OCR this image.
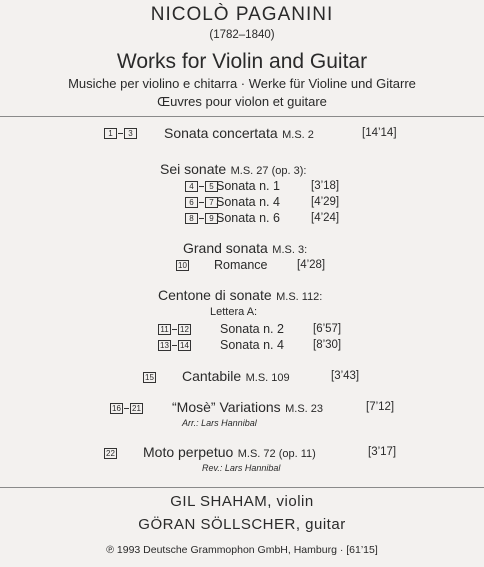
NICOLÒ PAGANINI
(1782–1840)
Works for Violin and Guitar
Musiche per violino e chitarra · Werke für Violine und Gitarre
Œuvres pour violon et guitare
1	3	Sonata concertata M.S. 2	[14’14]
Sei sonate M.S. 27 (op. 3):
4	5 Sonata n. 1	[3’18]
6	7 Sonata n. 4	[4’29]
8	9 Sonata n. 6	[4’24]
Grand sonata M.S. 3:
10 Romance	[4’28]
Centone di sonate M.S. 112:
Lettera A:
11 12 Sonata n. 2	[6’57]
13 14 Sonata n. 4	[8’30]
15 Cantabile M.S. 109	[3’43]
16 21 “Mosè” Variations M.S. 23	[7’12]
Arr.: Lars Hannibal
22 Moto perpetuo M.S. 72 (op. 11)	[3’17]
Rev.: Lars Hannibal
GIL SHAHAM, violin
GÖRAN SÖLLSCHER, guitar
℗ 1993 Deutsche Grammophon GmbH, Hamburg · [61’15]
